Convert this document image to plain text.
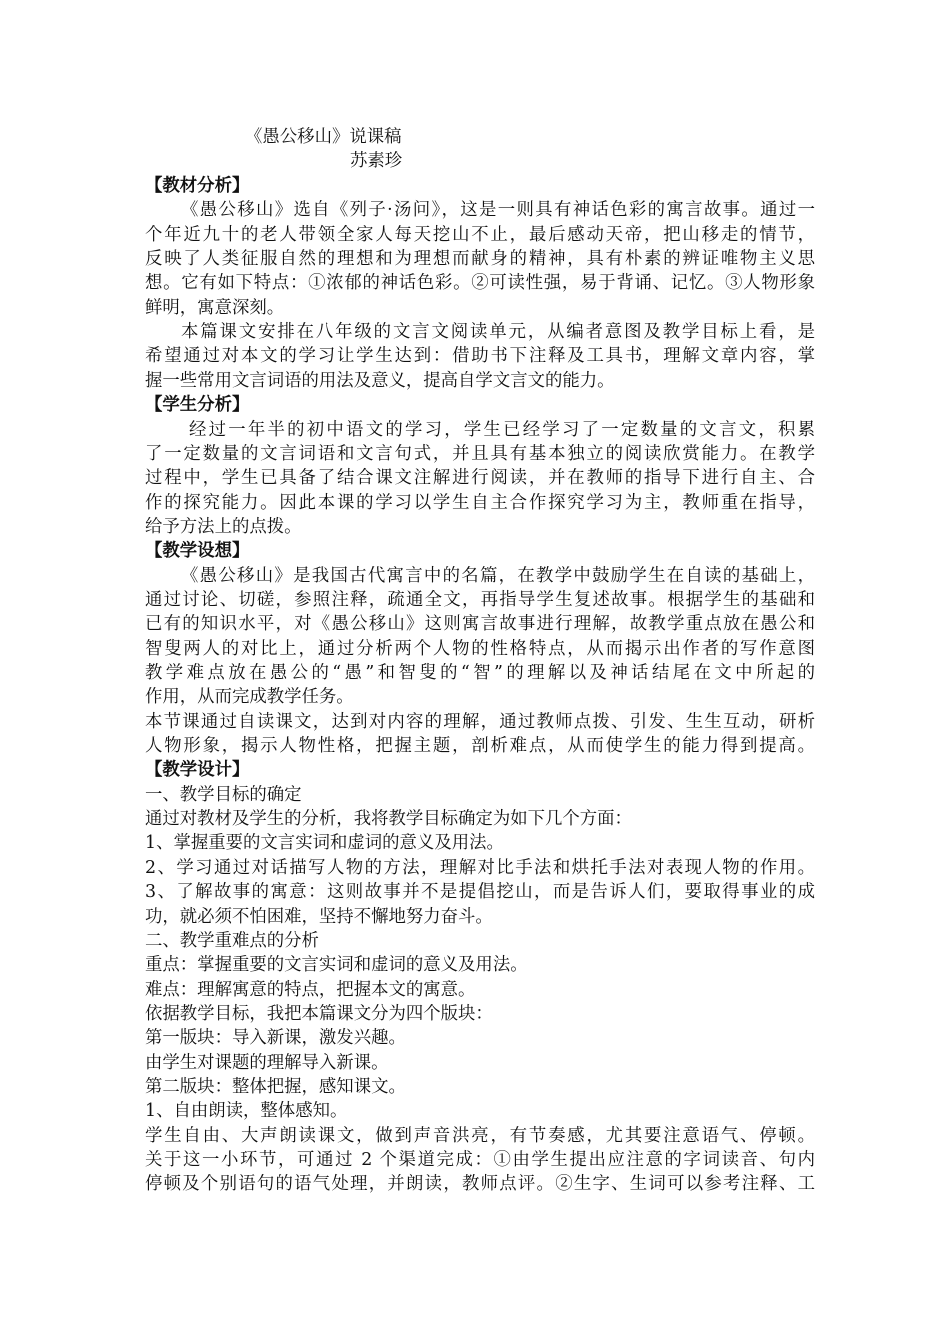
《愚公移山》说课稿
苏素珍
【教材分析】
《愚公移山》选自《列子·汤问》，这是一则具有神话色彩的寓言故事。通过一
个年近九十的老人带领全家人每天挖山不止，最后感动天帝，把山移走的情节，
反映了人类征服自然的理想和为理想而献身的精神，具有朴素的辨证唯物主义思
想。它有如下特点：①浓郁的神话色彩。②可读性强，易于背诵、记忆。③人物形象
鲜明，寓意深刻。
本篇课文安排在八年级的文言文阅读单元，从编者意图及教学目标上看，是
希望通过对本文的学习让学生达到：借助书下注释及工具书，理解文章内容，掌
握一些常用文言词语的用法及意义，提高自学文言文的能力。
【学生分析】
经过一年半的初中语文的学习，学生已经学习了一定数量的文言文，积累
了一定数量的文言词语和文言句式，并且具有基本独立的阅读欣赏能力。在教学
过程中，学生已具备了结合课文注解进行阅读，并在教师的指导下进行自主、合
作的探究能力。因此本课的学习以学生自主合作探究学习为主，教师重在指导，
给予方法上的点拨。
【教学设想】
《愚公移山》是我国古代寓言中的名篇，在教学中鼓励学生在自读的基础上，
通过讨论、切磋，参照注释，疏通全文，再指导学生复述故事。根据学生的基础和
已有的知识水平，对《愚公移山》这则寓言故事进行理解，故教学重点放在愚公和
智叟两人的对比上，通过分析两个人物的性格特点，从而揭示出作者的写作意图
教学难点放在愚公的“愚”和智叟的“智”的理解以及神话结尾在文中所起的
作用，从而完成教学任务。
本节课通过自读课文，达到对内容的理解，通过教师点拨、引发、生生互动，研析
人物形象，揭示人物性格，把握主题，剖析难点，从而使学生的能力得到提高。
【教学设计】
一、教学目标的确定
通过对教材及学生的分析，我将教学目标确定为如下几个方面：
1、掌握重要的文言实词和虚词的意义及用法。
2、学习通过对话描写人物的方法，理解对比手法和烘托手法对表现人物的作用。
3、了解故事的寓意：这则故事并不是提倡挖山，而是告诉人们，要取得事业的成
功，就必须不怕困难，坚持不懈地努力奋斗。
二、教学重难点的分析
重点：掌握重要的文言实词和虚词的意义及用法。
难点：理解寓意的特点，把握本文的寓意。
依据教学目标，我把本篇课文分为四个版块：
第一版块：导入新课，激发兴趣。
由学生对课题的理解导入新课。
第二版块：整体把握，感知课文。
1、自由朗读，整体感知。
学生自由、大声朗读课文，做到声音洪亮，有节奏感，尤其要注意语气、停顿。
关于这一小环节，可通过 2 个渠道完成：①由学生提出应注意的字词读音、句内
停顿及个别语句的语气处理，并朗读，教师点评。②生字、生词可以参考注释、工
